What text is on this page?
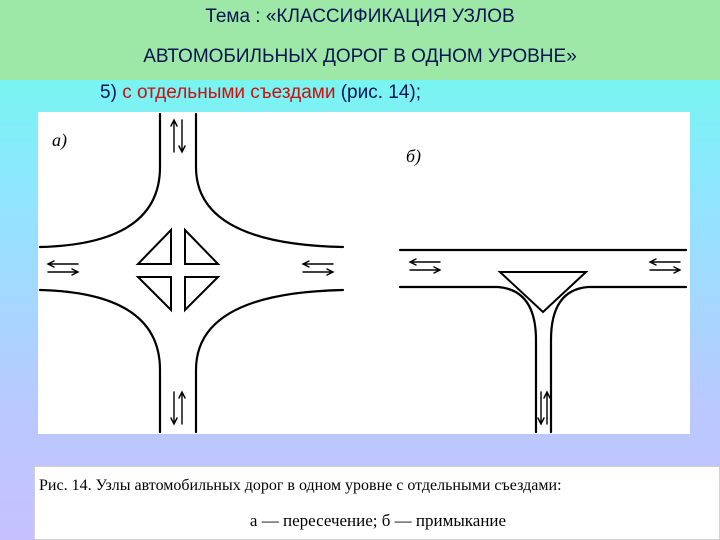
Тема : «КЛАССИФИКАЦИЯ УЗЛОВ
АВТОМОБИЛЬНЫХ ДОРОГ В ОДНОМ УРОВНЕ»
5) с отдельными съездами (рис. 14);
а)
б)
Рис. 14. Узлы автомобильных дорог в одном уровне с отдельными съездами:
а — пересечение; б — примыкание
